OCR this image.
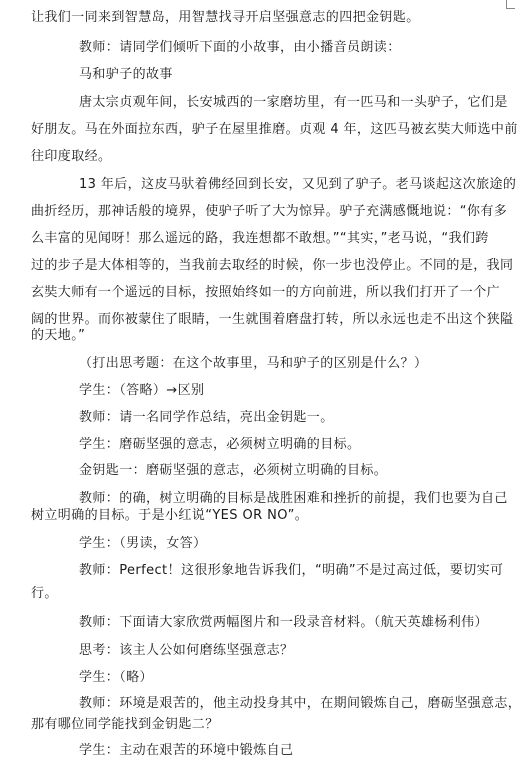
让我们一同来到智慧岛，用智慧找寻开启坚强意志的四把金钥匙。
教师：请同学们倾听下面的小故事，由小播音员朗读：
马和驴子的故事
唐太宗贞观年间，长安城西的一家磨坊里，有一匹马和一头驴子，它们是
好朋友。马在外面拉东西，驴子在屋里推磨。贞观 4 年，这匹马被玄奘大师选中前
往印度取经。
13 年后，这皮马驮着佛经回到长安，又见到了驴子。老马谈起这次旅途的
曲折经历，那神话般的境界，使驴子听了大为惊异。驴子充满感慨地说：“你有多
么丰富的见闻呀！那么遥远的路，我连想都不敢想。”“其实，”老马说，“我们跨
过的步子是大体相等的，当我前去取经的时候，你一步也没停止。不同的是，我同
玄奘大师有一个遥远的目标，按照始终如一的方向前进，所以我们打开了一个广
阔的世界。而你被蒙住了眼睛，一生就围着磨盘打转，所以永远也走不出这个狭隘
的天地。”
（打出思考题：在这个故事里，马和驴子的区别是什么？）
学生：（答略）→区别
教师：请一名同学作总结，亮出金钥匙一。
学生：磨砺坚强的意志，必须树立明确的目标。
金钥匙一：磨砺坚强的意志，必须树立明确的目标。
教师：的确，树立明确的目标是战胜困难和挫折的前提，我们也要为自己
树立明确的目标。于是小红说“YES OR NO”。
学生：（男读，女答）
教师：Perfect！这很形象地告诉我们，“明确”不是过高过低，要切实可
行。
教师：下面请大家欣赏两幅图片和一段录音材料。（航天英雄杨利伟）
思考：该主人公如何磨练坚强意志？
学生：（略）
教师：环境是艰苦的，他主动投身其中，在期间锻炼自己，磨砺坚强意志，
那有哪位同学能找到金钥匙二？
学生：主动在艰苦的环境中锻炼自己
